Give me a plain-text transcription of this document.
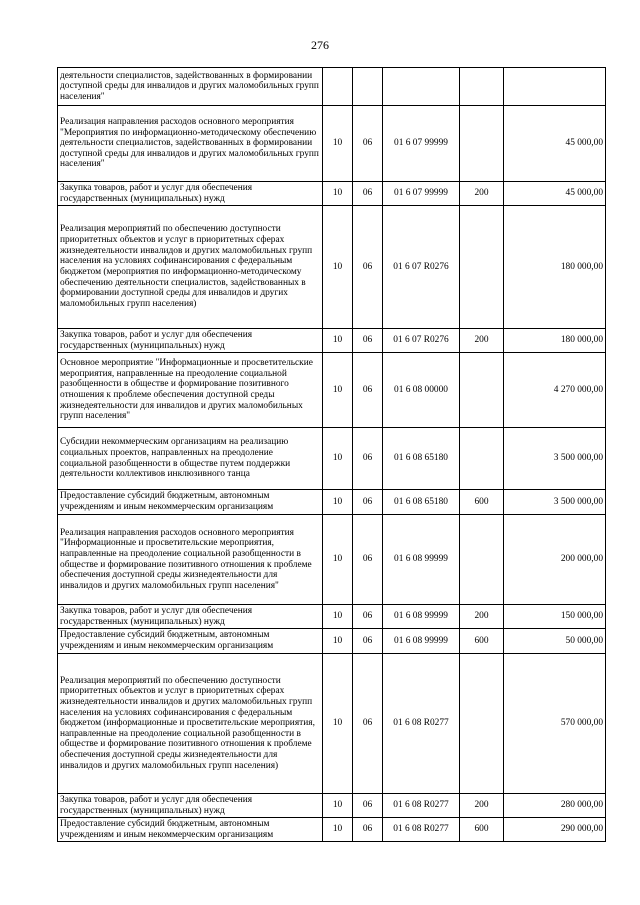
276
деятельности специалистов, задействованных в формировании доступной среды для инвалидов и других маломобильных групп населения"					
Реализация направления расходов основного мероприятия "Мероприятия по информационно-методическому обеспечению деятельности специалистов, задействованных в формировании доступной среды для инвалидов и других маломобильных групп населения"	10	06	01 6 07 99999		45 000,00
Закупка товаров, работ и услуг для обеспечения государственных (муниципальных) нужд	10	06	01 6 07 99999	200	45 000,00
Реализация мероприятий по обеспечению доступности приоритетных объектов и услуг в приоритетных сферах жизнедеятельности инвалидов и других маломобильных групп населения на условиях софинансирования с федеральным бюджетом (мероприятия по информационно-методическому обеспечению деятельности специалистов, задействованных в формировании доступной среды для инвалидов и других маломобильных групп населения)	10	06	01 6 07 R0276		180 000,00
Закупка товаров, работ и услуг для обеспечения государственных (муниципальных) нужд	10	06	01 6 07 R0276	200	180 000,00
Основное мероприятие "Информационные и просветительские мероприятия, направленные на преодоление социальной разобщенности в обществе и формирование позитивного отношения к проблеме обеспечения доступной среды жизнедеятельности для инвалидов и других маломобильных групп населения"	10	06	01 6 08 00000		4 270 000,00
Субсидии некоммерческим организациям на реализацию социальных проектов, направленных на преодоление социальной разобщенности в обществе путем поддержки деятельности коллективов инклюзивного танца	10	06	01 6 08 65180		3 500 000,00
Предоставление субсидий бюджетным, автономным учреждениям и иным некоммерческим организациям	10	06	01 6 08 65180	600	3 500 000,00
Реализация направления расходов основного мероприятия "Информационные и просветительские мероприятия, направленные на преодоление социальной разобщенности в обществе и формирование позитивного отношения к проблеме обеспечения доступной среды жизнедеятельности для инвалидов и других маломобильных групп населения"	10	06	01 6 08 99999		200 000,00
Закупка товаров, работ и услуг для обеспечения государственных (муниципальных) нужд	10	06	01 6 08 99999	200	150 000,00
Предоставление субсидий бюджетным, автономным учреждениям и иным некоммерческим организациям	10	06	01 6 08 99999	600	50 000,00
Реализация мероприятий по обеспечению доступности приоритетных объектов и услуг в приоритетных сферах жизнедеятельности инвалидов и других маломобильных групп населения на условиях софинансирования с федеральным бюджетом (информационные и просветительские мероприятия, направленные на преодоление социальной разобщенности в обществе и формирование позитивного отношения к проблеме обеспечения доступной среды жизнедеятельности для инвалидов и других маломобильных групп населения)	10	06	01 6 08 R0277		570 000,00
Закупка товаров, работ и услуг для обеспечения государственных (муниципальных) нужд	10	06	01 6 08 R0277	200	280 000,00
Предоставление субсидий бюджетным, автономным учреждениям и иным некоммерческим организациям	10	06	01 6 08 R0277	600	290 000,00
